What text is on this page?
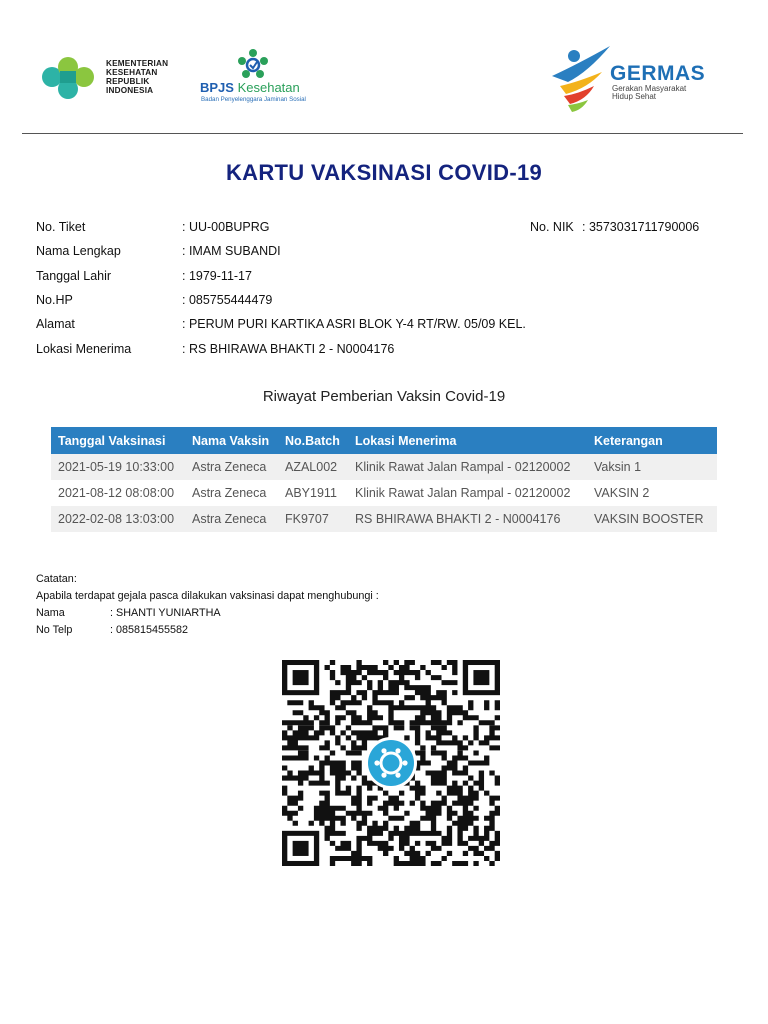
KEMENTERIAN
KESEHATAN
REPUBLIK
INDONESIA	BPJS Kesehatan
Badan Penyelenggara Jaminan Sosial
GERMAS
Gerakan Masyarakat
Hidup Sehat
KARTU VAKSINASI COVID-19
No. Tiket	: UU-00BUPRG	No. NIK : 3573031711790006
Nama Lengkap	: IMAM SUBANDI
Tanggal Lahir	: 1979-11-17
No.HP	: 085755444479
Alamat	: PERUM PURI KARTIKA ASRI BLOK Y-4 RT/RW. 05/09 KEL.
Lokasi Menerima	: RS BHIRAWA BHAKTI 2 - N0004176
Riwayat Pemberian Vaksin Covid-19
Tanggal Vaksinasi	Nama Vaksin	No.Batch	Lokasi Menerima	Keterangan
2021-05-19 10:33:00	Astra Zeneca	AZAL002	Klinik Rawat Jalan Rampal - 02120002	Vaksin 1
2021-08-12 08:08:00	Astra Zeneca	ABY1911	Klinik Rawat Jalan Rampal - 02120002	VAKSIN 2
2022-02-08 13:03:00	Astra Zeneca	FK9707	RS BHIRAWA BHAKTI 2 - N0004176	VAKSIN BOOSTER
Catatan:
Apabila terdapat gejala pasca dilakukan vaksinasi dapat menghubungi :
Nama	: SHANTI YUNIARTHA
No Telp	: 085815455582
